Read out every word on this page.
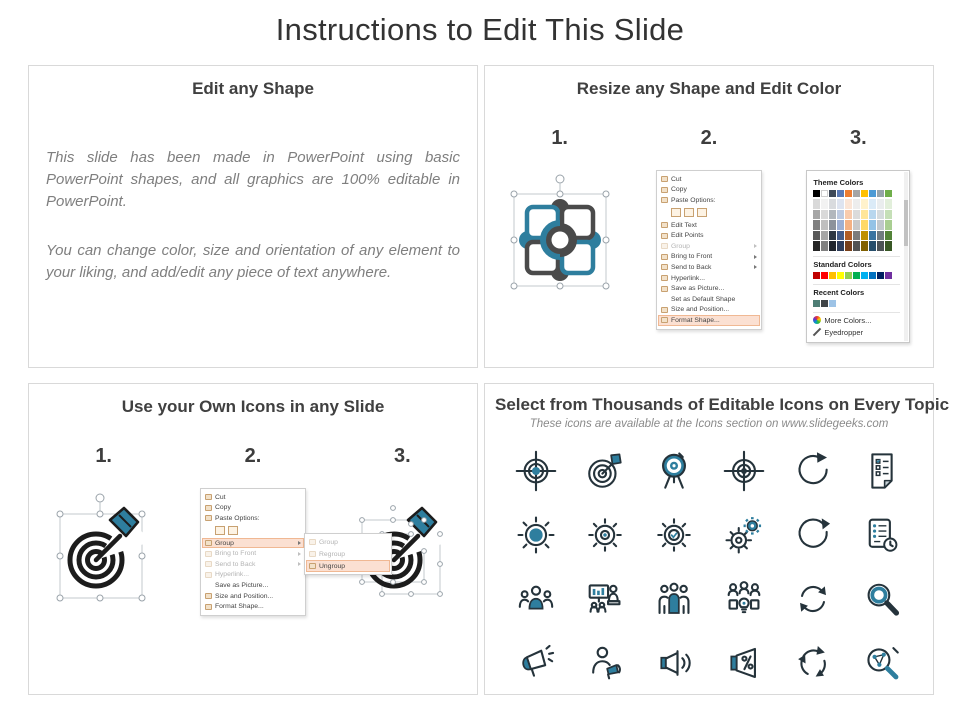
Instructions to Edit This Slide
Edit any Shape

This slide has been made in PowerPoint using basic PowerPoint shapes, and all graphics are 100% editable in PowerPoint.

You can change color, size and orientation of any element to your liking, and add/edit any piece of text anywhere.

Resize any Shape and Edit Color
1.	2.
Cut
Copy
Paste Options:
Edit Text
Edit Points
Group
Bring to Front
Send to Back
Hyperlink...
Save as Picture...
Set as Default Shape
Size and Position...
Format Shape...
3.
Theme Colors
Standard Colors
Recent Colors
More Colors...
Eyedropper
Use your Own Icons in any Slide
1.	2.
Cut
Copy
Paste Options:
Group
Bring to Front
Send to Back
Hyperlink...
Save as Picture...
Size and Position...
Format Shape...
Group
Regroup
Ungroup
3.
Select from Thousands of Editable Icons on Every Topic
These icons are available at the Icons section on www.slidegeeks.com
